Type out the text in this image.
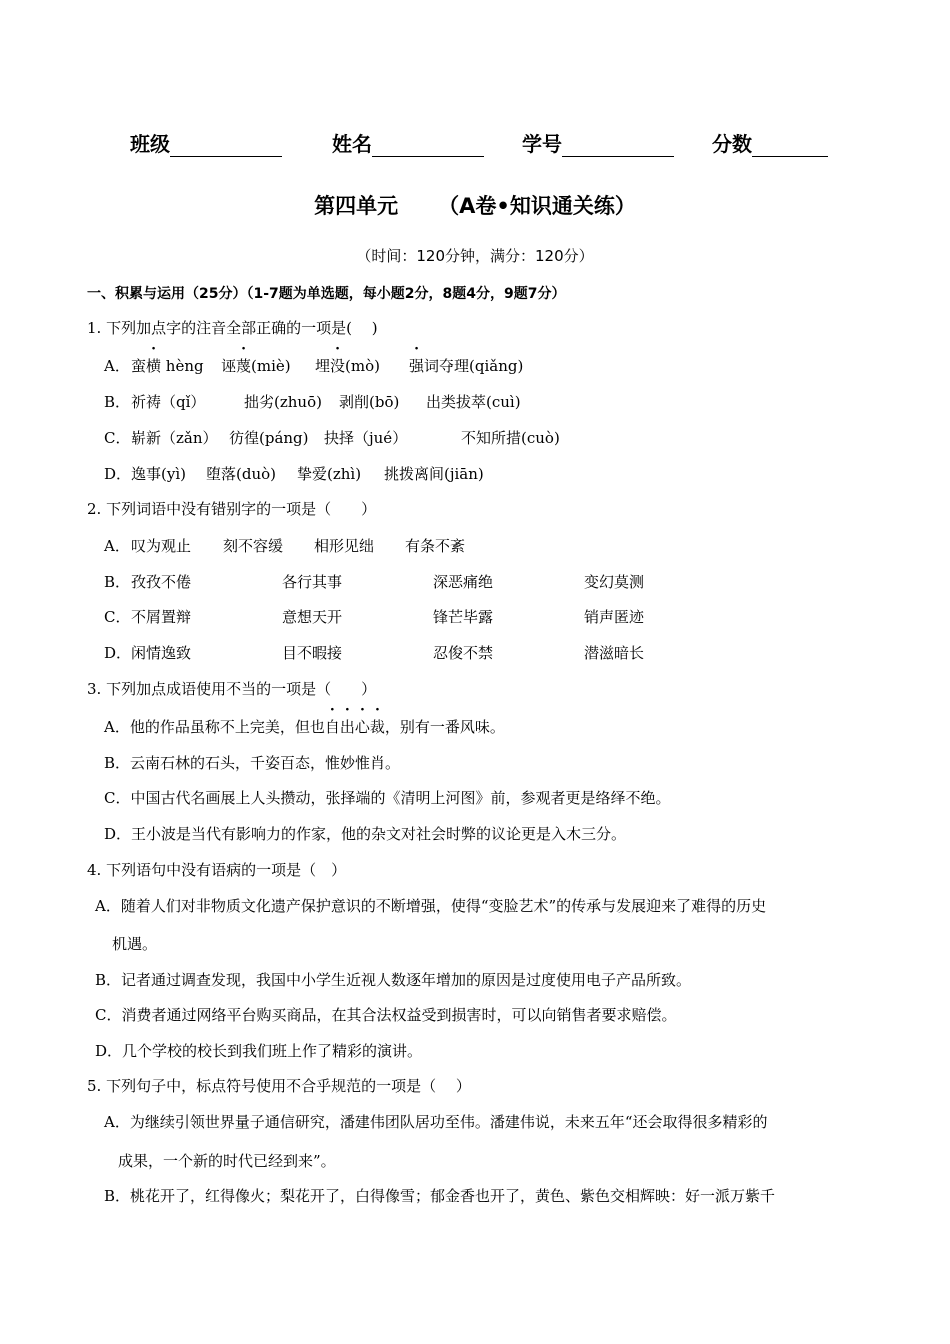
班级	姓名	学号	分数
第四单元 （A卷•知识通关练）
（时间：120分钟，满分：120分）
一、积累与运用（25分）（1-7题为单选题，每小题2分，8题4分，9题7分）
1. 下列加点字的注音全部正确的一项是(　 )
A． 蛮横 hèng 诬蔑(miè) 埋没(mò) 强词夺理(qiǎng)
B． 祈祷（qǐ）	拙劣(zhuō) 剥削(bō) 出类拔萃(cuì)
C． 崭新（zǎn） 彷徨(páng) 抉择（jué）	不知所措(cuò)
D． 逸事(yì) 堕落(duò) 挚爱(zhì) 挑拨离间(jiān)
2. 下列词语中没有错别字的一项是（　　）
A． 叹为观止 刻不容缓 相形见绌 有条不紊
B． 孜孜不倦	各行其事	深恶痛绝	变幻莫测
C． 不屑置辩	意想天开	锋芒毕露	销声匿迹
D． 闲情逸致	目不暇接	忍俊不禁	潜滋暗长
3. 下列加点成语使用不当的一项是（　　）
A．他的作品虽称不上完美，但也自出心裁，别有一番风味。
B．云南石林的石头，千姿百态，惟妙惟肖。
C．中国古代名画展上人头攒动，张择端的《清明上河图》前，参观者更是络绎不绝。
D．王小波是当代有影响力的作家，他的杂文对社会时弊的议论更是入木三分。
4. 下列语句中没有语病的一项是（　）
A．随着人们对非物质文化遗产保护意识的不断增强，使得“变脸艺术”的传承与发展迎来了难得的历史
机遇。
B．记者通过调查发现，我国中小学生近视人数逐年增加的原因是过度使用电子产品所致。
C．消费者通过网络平台购买商品，在其合法权益受到损害时，可以向销售者要求赔偿。
D．几个学校的校长到我们班上作了精彩的演讲。
5. 下列句子中，标点符号使用不合乎规范的一项是（　 ）
A．为继续引领世界量子通信研究，潘建伟团队居功至伟。潘建伟说，未来五年“还会取得很多精彩的
成果，一个新的时代已经到来”。
B．桃花开了，红得像火；梨花开了，白得像雪；郁金香也开了，黄色、紫色交相辉映：好一派万紫千
